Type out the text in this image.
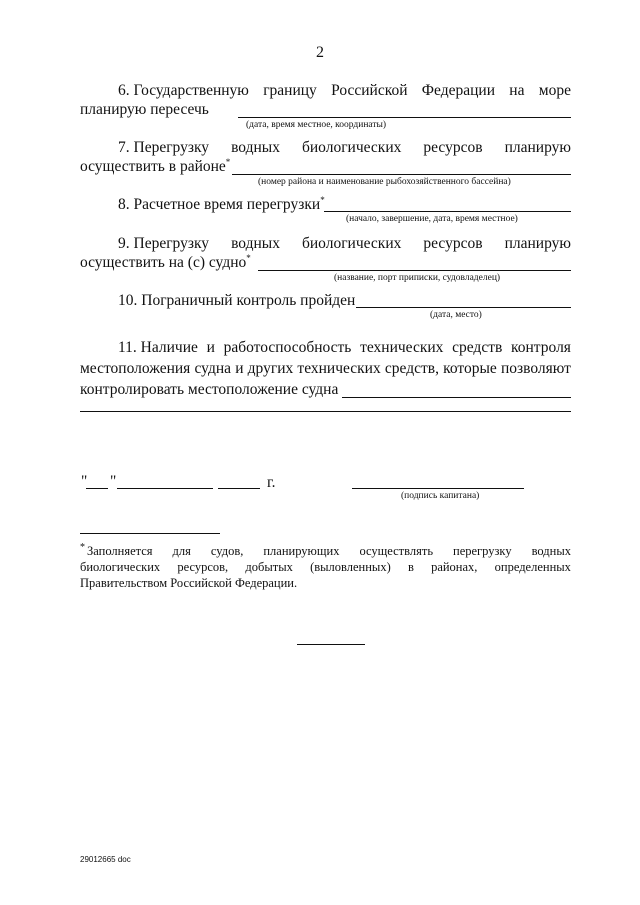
2
6. Государственную границу Российской Федерации на море
планирую пересечь
(дата, время местное, координаты)
7. Перегрузку водных биологических ресурсов планирую
осуществить в районе*
(номер района и наименование рыбохозяйственного бассейна)
8. Расчетное время перегрузки*
(начало, завершение, дата, время местное)
9. Перегрузку водных биологических ресурсов планирую
осуществить на (с) судно*
(название, порт приписки, судовладелец)
10. Пограничный контроль пройден
(дата, место)
11. Наличие и работоспособность технических средств контроля
местоположения судна и других технических средств, которые позволяют
контролировать местоположение судна
" "	г.
(подпись капитана)
* Заполняется для судов, планирующих осуществлять перегрузку водных
биологических ресурсов, добытых (выловленных) в районах, определенных
Правительством Российской Федерации.
29012665 doc
